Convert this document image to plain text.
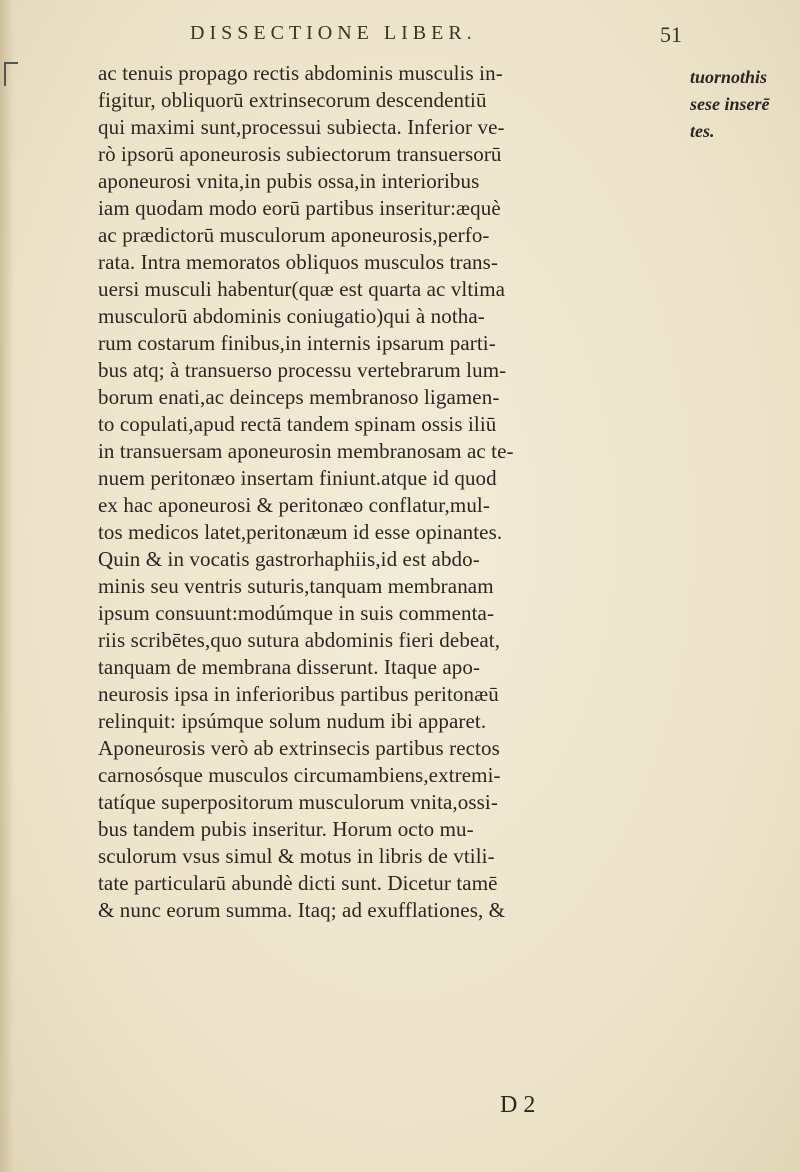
DISSECTIONE LIBER.	51
ac tenuis propago rectis abdominis musculis in-
figitur, obliquorū extrinsecorum descendentiū
qui maximi sunt,processui subiecta. Inferior ve-
rò ipsorū aponeurosis subiectorum transuersorū
aponeurosi vnita,in pubis ossa,in interioribus
iam quodam modo eorū partibus inseritur:æquè
ac prædictorū musculorum aponeurosis,perfo-
rata. Intra memoratos obliquos musculos trans-
uersi musculi habentur(quæ est quarta ac vltima
musculorū abdominis coniugatio)qui à notha-
rum costarum finibus,in internis ipsarum parti-
bus atq; à transuerso processu vertebrarum lum-
borum enati,ac deinceps membranoso ligamen-
to copulati,apud rectā tandem spinam ossis iliū
in transuersam aponeurosin membranosam ac te-
nuem peritonæo insertam finiunt.atque id quod
ex hac aponeurosi & peritonæo conflatur,mul-
tos medicos latet,peritonæum id esse opinantes.
Quin & in vocatis gastrorhaphiis,id est abdo-
minis seu ventris suturis,tanquam membranam
ipsum consuunt:modúmque in suis commenta-
riis scribētes,quo sutura abdominis fieri debeat,
tanquam de membrana disserunt. Itaque apo-
neurosis ipsa in inferioribus partibus peritonæū
relinquit: ipsúmque solum nudum ibi apparet.
Aponeurosis verò ab extrinsecis partibus rectos
carnosósque musculos circumambiens,extremi-
tatíque superpositorum musculorum vnita,ossi-
bus tandem pubis inseritur. Horum octo mu-
sculorum vsus simul & motus in libris de vtili-
tate particularū abundè dicti sunt. Dicetur tamē
& nunc eorum summa. Itaq; ad exufflationes, &
tuornothis
sese inserē
tes.
D 2
